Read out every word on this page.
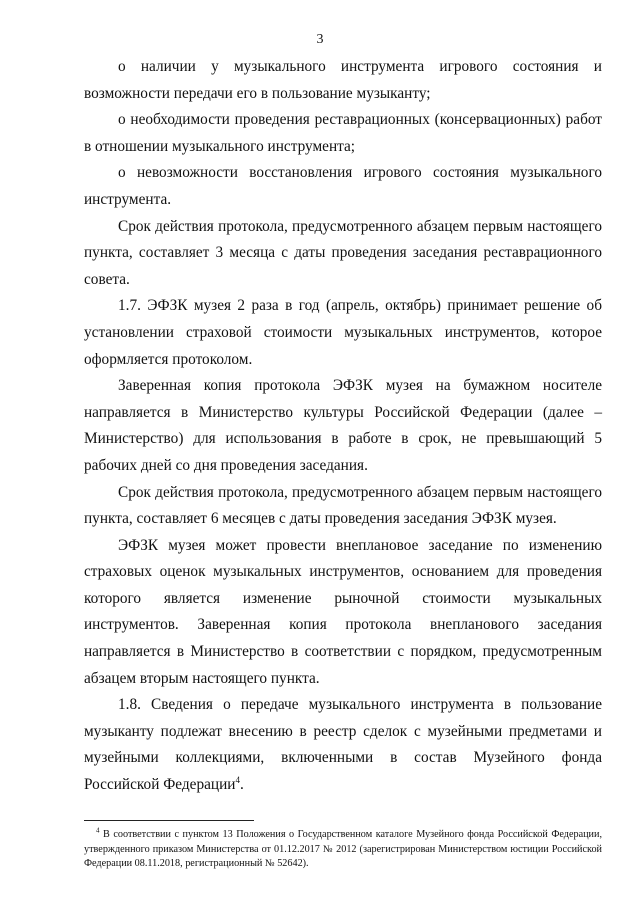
3

о наличии у музыкального инструмента игрового состояния и возможности передачи его в пользование музыканту;

о необходимости проведения реставрационных (консервационных) работ в отношении музыкального инструмента;

о невозможности восстановления игрового состояния музыкального инструмента.

Срок действия протокола, предусмотренного абзацем первым настоящего пункта, составляет 3 месяца с даты проведения заседания реставрационного совета.

1.7. ЭФЗК музея 2 раза в год (апрель, октябрь) принимает решение об установлении страховой стоимости музыкальных инструментов, которое оформляется протоколом.

Заверенная копия протокола ЭФЗК музея на бумажном носителе направляется в Министерство культуры Российской Федерации (далее – Министерство) для использования в работе в срок, не превышающий 5 рабочих дней со дня проведения заседания.

Срок действия протокола, предусмотренного абзацем первым настоящего пункта, составляет 6 месяцев с даты проведения заседания ЭФЗК музея.

ЭФЗК музея может провести внеплановое заседание по изменению страховых оценок музыкальных инструментов, основанием для проведения которого является изменение рыночной стоимости музыкальных инструментов. Заверенная копия протокола внепланового заседания направляется в Министерство в соответствии с порядком, предусмотренным абзацем вторым настоящего пункта.

1.8. Сведения о передаче музыкального инструмента в пользование музыканту подлежат внесению в реестр сделок с музейными предметами и музейными коллекциями, включенными в состав Музейного фонда Российской Федерации$^4$.

$^4$ В соответствии с пунктом 13 Положения о Государственном каталоге Музейного фонда Российской Федерации, утвержденного приказом Министерства от 01.12.2017 № 2012 (зарегистрирован Министерством юстиции Российской Федерации 08.11.2018, регистрационный № 52642).
